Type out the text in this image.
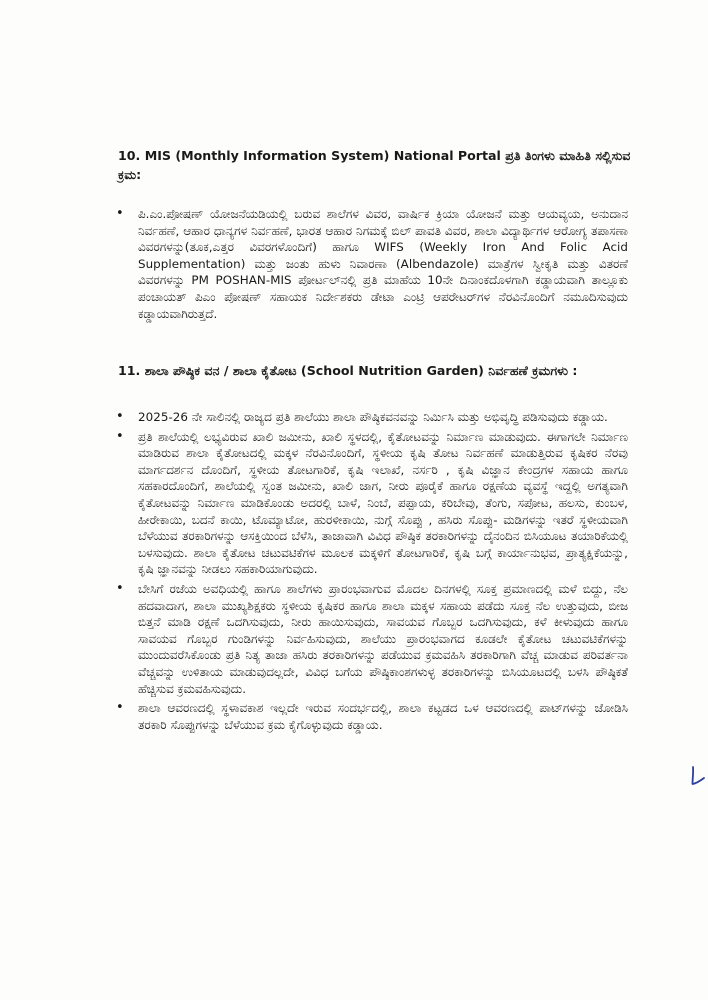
10. MIS (Monthly Information System) National Portal ಪ್ರತಿ ತಿಂಗಳು ಮಾಹಿತಿ ಸಲ್ಲಿಸುವ ಕ್ರಮ:
• ಪಿ.ಎಂ.ಪೋಷಣ್ ಯೋಜನೆಯಡಿಯಲ್ಲಿ ಬರುವ ಶಾಲೆಗಳ ವಿವರ, ವಾರ್ಷಿಕ ಕ್ರಿಯಾ ಯೋಜನೆ ಮತ್ತು ಆಯವ್ಯಯ, ಅನುದಾನ ನಿರ್ವಹಣೆ, ಆಹಾರ ಧಾನ್ಯಗಳ ನಿರ್ವಹಣೆ, ಭಾರತ ಆಹಾರ ನಿಗಮಕ್ಕೆ ಬಿಲ್ ಪಾವತಿ ವಿವರ, ಶಾಲಾ ವಿದ್ಯಾರ್ಥಿಗಳ ಆರೋಗ್ಯ ತಪಾಸಣಾ ವಿವರಗಳನ್ನು(ತೂಕ,ಎತ್ತರ ವಿವರಗಳೊಂದಿಗೆ) ಹಾಗೂ WIFS (Weekly Iron And Folic Acid Supplementation) ಮತ್ತು ಜಂತು ಹುಳು ನಿವಾರಣಾ (Albendazole) ಮಾತ್ರೆಗಳ ಸ್ವೀಕೃತಿ ಮತ್ತು ವಿತರಣೆ ವಿವರಗಳನ್ನು PM POSHAN-MIS ಪೋರ್ಟಲ್‌ನಲ್ಲಿ ಪ್ರತಿ ಮಾಹೆಯ 10ನೇ ದಿನಾಂಕದೊಳಗಾಗಿ ಕಡ್ಡಾಯವಾಗಿ ತಾಲ್ಲೂಕು ಪಂಚಾಯತ್ ಪಿಎಂ ಪೋಷಣ್ ಸಹಾಯಕ ನಿರ್ದೇಶಕರು ಡೇಟಾ ಎಂಟ್ರಿ ಆಪರೇಟರ್‌ಗಳ ನೆರವಿನೊಂದಿಗೆ ನಮೂದಿಸುವುದು ಕಡ್ಡಾಯವಾಗಿರುತ್ತದೆ.
11. ಶಾಲಾ ಪೌಷ್ಠಿಕ ವನ / ಶಾಲಾ ಕೈತೋಟ (School Nutrition Garden) ನಿರ್ವಹಣೆ ಕ್ರಮಗಳು :
• 2025-26 ನೇ ಸಾಲಿನಲ್ಲಿ ರಾಜ್ಯದ ಪ್ರತಿ ಶಾಲೆಯು ಶಾಲಾ ಪೌಷ್ಠಿಕವನವನ್ನು ನಿರ್ಮಿಸಿ ಮತ್ತು ಅಭಿವೃದ್ಧಿ ಪಡಿಸುವುದು ಕಡ್ಡಾಯ.
• ಪ್ರತಿ ಶಾಲೆಯಲ್ಲಿ ಲಭ್ಯವಿರುವ ಖಾಲಿ ಜಮೀನು, ಖಾಲಿ ಸ್ಥಳದಲ್ಲಿ, ಕೈತೋಟವನ್ನು ನಿರ್ಮಾಣ ಮಾಡುವುದು. ಈಗಾಗಲೇ ನಿರ್ಮಾಣ ಮಾಡಿರುವ ಶಾಲಾ ಕೈತೋಟದಲ್ಲಿ ಮಕ್ಕಳ ನೆರವಿನೊಂದಿಗೆ, ಸ್ಥಳೀಯ ಕೃಷಿ ತೋಟ ನಿರ್ವಹಣೆ ಮಾಡುತ್ತಿರುವ ಕೃಷಿಕರ ನೆರವು ಮಾರ್ಗದರ್ಶನ ದೊಂದಿಗೆ, ಸ್ಥಳೀಯ ತೋಟಗಾರಿಕೆ, ಕೃಷಿ ಇಲಾಖೆ, ನರ್ಸರಿ , ಕೃಷಿ ವಿಜ್ಞಾನ ಕೇಂದ್ರಗಳ ಸಹಾಯ ಹಾಗೂ ಸಹಕಾರದೊಂದಿಗೆ, ಶಾಲೆಯಲ್ಲಿ ಸ್ವಂತ ಜಮೀನು, ಖಾಲಿ ಜಾಗ, ನೀರು ಪೂರೈಕೆ ಹಾಗೂ ರಕ್ಷಣೆಯ ವ್ಯವಸ್ಥೆ ಇದ್ದಲ್ಲಿ ಅಗತ್ಯವಾಗಿ ಕೈತೋಟವನ್ನು ನಿರ್ಮಾಣ ಮಾಡಿಕೊಂಡು ಅದರಲ್ಲಿ ಬಾಳೆ, ನಿಂಬೆ, ಪಪ್ಪಾಯ, ಕರಿಬೇವು, ತೆಂಗು, ಸಪೋಟ, ಹಲಸು, ಕುಂಬಳ, ಹೀರೇಕಾಯಿ, ಬದನೆ ಕಾಯಿ, ಟೊಮ್ಯಾಟೋ, ಹುರಳೀಕಾಯಿ, ನುಗ್ಗೆ ಸೊಪ್ಪು , ಹಸಿರು ಸೊಪ್ಪು- ಮಡಿಗಳನ್ನು ಇತರೆ ಸ್ಥಳೀಯವಾಗಿ ಬೆಳೆಯುವ ತರಕಾರಿಗಳನ್ನು ಆಸಕ್ತಿಯಿಂದ ಬೆಳೆಸಿ, ತಾಜಾವಾಗಿ ವಿವಿಧ ಪೌಷ್ಠಿಕ ತರಕಾರಿಗಳನ್ನು ದೈನಂದಿನ ಬಿಸಿಯೂಟ ತಯಾರಿಕೆಯಲ್ಲಿ ಬಳಸುವುದು. ಶಾಲಾ ಕೈತೋಟ ಚಟುವಟಿಕೆಗಳ ಮೂಲಕ ಮಕ್ಕಳಿಗೆ ತೋಟಗಾರಿಕೆ, ಕೃಷಿ ಬಗ್ಗೆ ಕಾರ್ಯಾನುಭವ, ಪ್ರಾತ್ಯಕ್ಷಿಕೆಯನ್ನು, ಕೃಷಿ ಜ್ಞಾನವನ್ನು ನೀಡಲು ಸಹಕಾರಿಯಾಗುವುದು.
• ಬೇಸಿಗೆ ರಜೆಯ ಅವಧಿಯಲ್ಲಿ ಹಾಗೂ ಶಾಲೆಗಳು ಪ್ರಾರಂಭವಾಗುವ ಮೊದಲ ದಿನಗಳಲ್ಲಿ ಸೂಕ್ತ ಪ್ರಮಾಣದಲ್ಲಿ ಮಳೆ ಬಿದ್ದು, ನೆಲ ಹದವಾದಾಗ, ಶಾಲಾ ಮುಖ್ಯಶಿಕ್ಷಕರು ಸ್ಥಳೀಯ ಕೃಷಿಕರ ಹಾಗೂ ಶಾಲಾ ಮಕ್ಕಳ ಸಹಾಯ ಪಡೆದು ಸೂಕ್ತ ನೆಲ ಉತ್ತುವುದು, ಬೀಜ ಬಿತ್ತನೆ ಮಾಡಿ ರಕ್ಷಣೆ ಒದಗಿಸುವುದು, ನೀರು ಹಾಯಿಸುವುದು, ಸಾವಯವ ಗೊಬ್ಬರ ಒದಗಿಸುವುದು, ಕಳೆ ಕೀಳುವುದು ಹಾಗೂ ಸಾವಯವ ಗೊಬ್ಬರ ಗುಂಡಿಗಳನ್ನು ನಿರ್ವಹಿಸುವುದು, ಶಾಲೆಯು ಪ್ರಾರಂಭವಾಗದ ಕೂಡಲೇ ಕೈತೋಟ ಚಟುವಟಿಕೆಗಳನ್ನು ಮುಂದುವರೆಸಿಕೊಂಡು ಪ್ರತಿ ನಿತ್ಯ ತಾಜಾ ಹಸಿರು ತರಕಾರಿಗಳನ್ನು ಪಡೆಯುವ ಕ್ರಮವಹಿಸಿ ತರಕಾರಿಗಾಗಿ ವೆಚ್ಚ ಮಾಡುವ ಪರಿವರ್ತನಾ ವೆಚ್ಚವನ್ನು ಉಳಿತಾಯ ಮಾಡುವುದಲ್ಲದೇ, ವಿವಿಧ ಬಗೆಯ ಪೌಷ್ಠಿಕಾಂಶಗಳುಳ್ಳ ತರಕಾರಿಗಳನ್ನು ಬಿಸಿಯೂಟದಲ್ಲಿ ಬಳಸಿ ಪೌಷ್ಠಿಕತೆ ಹೆಚ್ಚಿಸುವ ಕ್ರಮವಹಿಸುವುದು.
• ಶಾಲಾ ಆವರಣದಲ್ಲಿ ಸ್ಥಳಾವಕಾಶ ಇಲ್ಲದೇ ಇರುವ ಸಂದರ್ಭದಲ್ಲಿ, ಶಾಲಾ ಕಟ್ಟಡದ ಒಳ ಆವರಣದಲ್ಲಿ ಪಾಟ್‌ಗಳನ್ನು ಜೋಡಿಸಿ ತರಕಾರಿ ಸೊಪ್ಪುಗಳನ್ನು ಬೆಳೆಯುವ ಕ್ರಮ ಕೈಗೊಳ್ಳುವುದು ಕಡ್ಡಾಯ.
